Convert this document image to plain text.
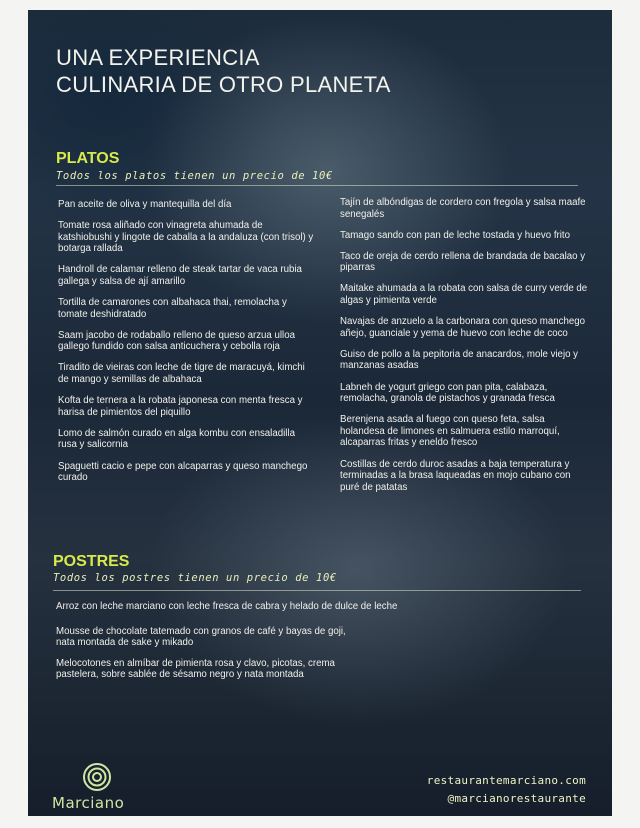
UNA EXPERIENCIA
CULINARIA DE OTRO PLANETA
PLATOS
Todos los platos tienen un precio de 10€
Pan aceite de oliva y mantequilla del día
Tomate rosa aliñado con vinagreta ahumada de katshiobushi y lingote de caballa a la andaluza (con trisol) y botarga rallada
Handroll de calamar relleno de steak tartar de vaca rubia gallega y salsa de ají amarillo
Tortilla de camarones con albahaca thai, remolacha y tomate deshidratado
Saam jacobo de rodaballo relleno de queso arzua ulloa gallego fundido con salsa anticuchera y cebolla roja
Tiradito de vieiras con leche de tigre de maracuyá, kimchi de mango y semillas de albahaca
Kofta de ternera a la robata japonesa con menta fresca y harisa de pimientos del piquillo
Lomo de salmón curado en alga kombu con ensaladilla rusa y salicornia
Spaguetti cacio e pepe con alcaparras y queso manchego curado
Tajín de albóndigas de cordero con fregola y salsa maafe senegalés
Tamago sando con pan de leche tostada y huevo frito
Taco de oreja de cerdo rellena de brandada de bacalao y piparras
Maitake ahumada a la robata con salsa de curry verde de algas y pimienta verde
Navajas de anzuelo a la carbonara con queso manchego añejo, guanciale y yema de huevo con leche de coco
Guiso de pollo a la pepitoria de anacardos, mole viejo y manzanas asadas
Labneh de yogurt griego con pan pita, calabaza, remolacha, granola de pistachos y granada fresca
Berenjena asada al fuego con queso feta, salsa holandesa de limones en salmuera estilo marroquí, alcaparras fritas y eneldo fresco
Costillas de cerdo duroc asadas a baja temperatura y terminadas a la brasa laqueadas en mojo cubano con puré de patatas
POSTRES
Todos los postres tienen un precio de 10€
Arroz con leche marciano con leche fresca de cabra y helado de dulce de leche
Mousse de chocolate tatemado con granos de café y bayas de goji, nata montada de sake y mikado
Melocotones en almíbar de pimienta rosa y clavo, picotas, crema pastelera, sobre sablée de sésamo negro y nata montada
Marciano
restaurantemarciano.com
@marcianorestaurante
